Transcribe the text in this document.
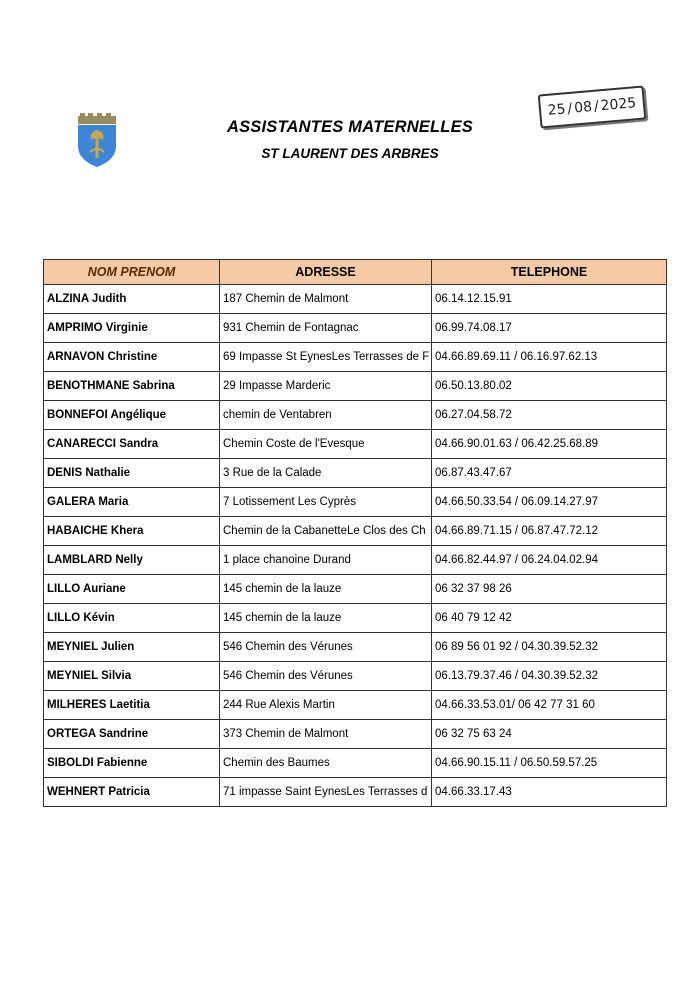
ASSISTANTES MATERNELLES
ST LAURENT DES ARBRES
25 / 08 / 2025
NOM PRENOM	ADRESSE	TELEPHONE
ALZINA Judith	187 Chemin de Malmont	06.14.12.15.91
AMPRIMO Virginie	931 Chemin de Fontagnac	06.99.74.08.17
ARNAVON Christine	69 Impasse St EynesLes Terrasses de F	04.66.89.69.11 / 06.16.97.62.13
BENOTHMANE Sabrina	29 Impasse Marderic	06.50.13.80.02
BONNEFOI Angélique	chemin de Ventabren	06.27.04.58.72
CANARECCI Sandra	Chemin Coste de l'Evesque	04.66.90.01.63 / 06.42.25.68.89
DENIS Nathalie	3 Rue de la Calade	06.87.43.47.67
GALERA Maria	7 Lotissement Les Cyprès	04.66.50.33.54 / 06.09.14.27.97
HABAICHE Khera	Chemin de la CabanetteLe Clos des Ch	04.66.89.71.15 / 06.87.47.72.12
LAMBLARD Nelly	1 place chanoine Durand	04.66.82.44.97 / 06.24.04.02.94
LILLO Auriane	145 chemin de la lauze	06 32 37 98 26
LILLO Kévin	145 chemin de la lauze	06 40 79 12 42
MEYNIEL Julien	546 Chemin des Vérunes	06 89 56 01 92 / 04.30.39.52.32
MEYNIEL Silvia	546 Chemin des Vérunes	06.13.79.37.46 / 04.30.39.52.32
MILHERES Laetitia	244 Rue Alexis Martin	04.66.33.53.01/ 06 42 77 31 60
ORTEGA Sandrine	373 Chemin de Malmont	06 32 75 63 24
SIBOLDI Fabienne	Chemin des Baumes	04.66.90.15.11 / 06.50.59.57.25
WEHNERT Patricia	71 impasse Saint EynesLes Terrasses d	04.66.33.17.43
